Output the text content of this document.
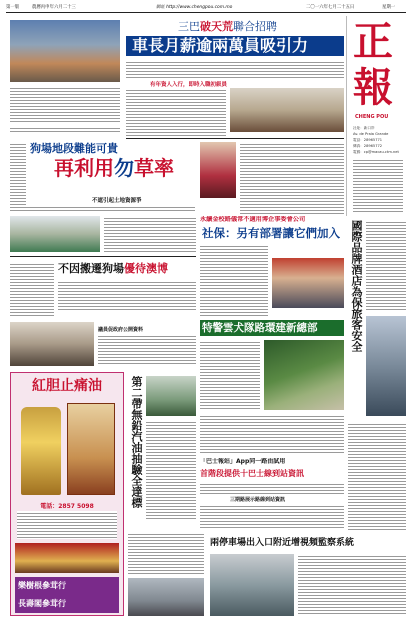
第一版	農曆丙申年六月二十三	網址 http://www.chengpou.com.mo	二〇一六年七月二十五日	星期一
正
報
CHENG POU
社址：新口岸
Av. de Praia Grande
電話：28965771
傳真：28965772
電郵：cp@macau.ctm.net
三巴破天荒聯合招聘
車長月薪逾兩萬員吸引力
有年資人入行，即時入職初級員
狗場地段難能可貴
再利用勿草率
不遮引起土地資源爭
永續金校路儀常不適用博企事委會公司
社保：另有部署讓它們加入
不因搬遷狗場優待澳博
議員促政府公開資料	特警雲犬隊路環建新總部	國際品牌酒店為保旅客安全
紅胆止痛油
電話：2857 5098
樂樹根參茸行
長壽閣參茸行
第二帶無鉛汽油抽驗全達標	「巴士報站」App同一路由試用
首階段提供十巴士線到站資訊
三期路展示路線到站資訊
兩停車場出入口附近增視頻監察系統
